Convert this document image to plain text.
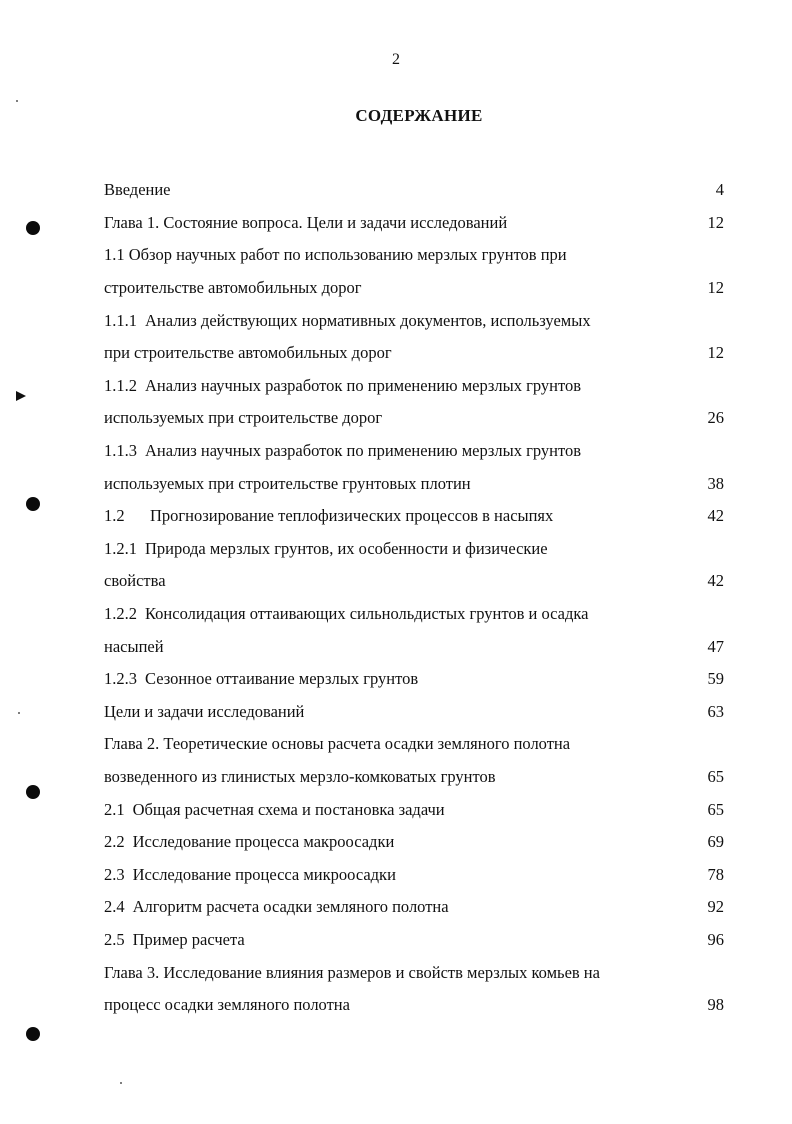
2
СОДЕРЖАНИЕ
Введение	4
Глава 1. Состояние вопроса. Цели и задачи исследований	12
1.1 Обзор научных работ по использованию мерзлых грунтов при
строительстве автомобильных дорог	12
1.1.1 Анализ действующих нормативных документов, используемых
при строительстве автомобильных дорог	12
1.1.2 Анализ научных разработок по применению мерзлых грунтов
используемых при строительстве дорог	26
1.1.3 Анализ научных разработок по применению мерзлых грунтов
используемых при строительстве грунтовых плотин	38
1.2 Прогнозирование теплофизических процессов в насыпях	42
1.2.1 Природа мерзлых грунтов, их особенности и физические
свойства	42
1.2.2 Консолидация оттаивающих сильнольдистых грунтов и осадка
насыпей	47
1.2.3 Сезонное оттаивание мерзлых грунтов	59
Цели и задачи исследований	63
Глава 2. Теоретические основы расчета осадки земляного полотна
возведенного из глинистых мерзло-комковатых грунтов	65
2.1 Общая расчетная схема и постановка задачи	65
2.2 Исследование процесса макроосадки	69
2.3 Исследование процесса микроосадки	78
2.4 Алгоритм расчета осадки земляного полотна	92
2.5 Пример расчета	96
Глава 3. Исследование влияния размеров и свойств мерзлых комьев на
процесс осадки земляного полотна	98
